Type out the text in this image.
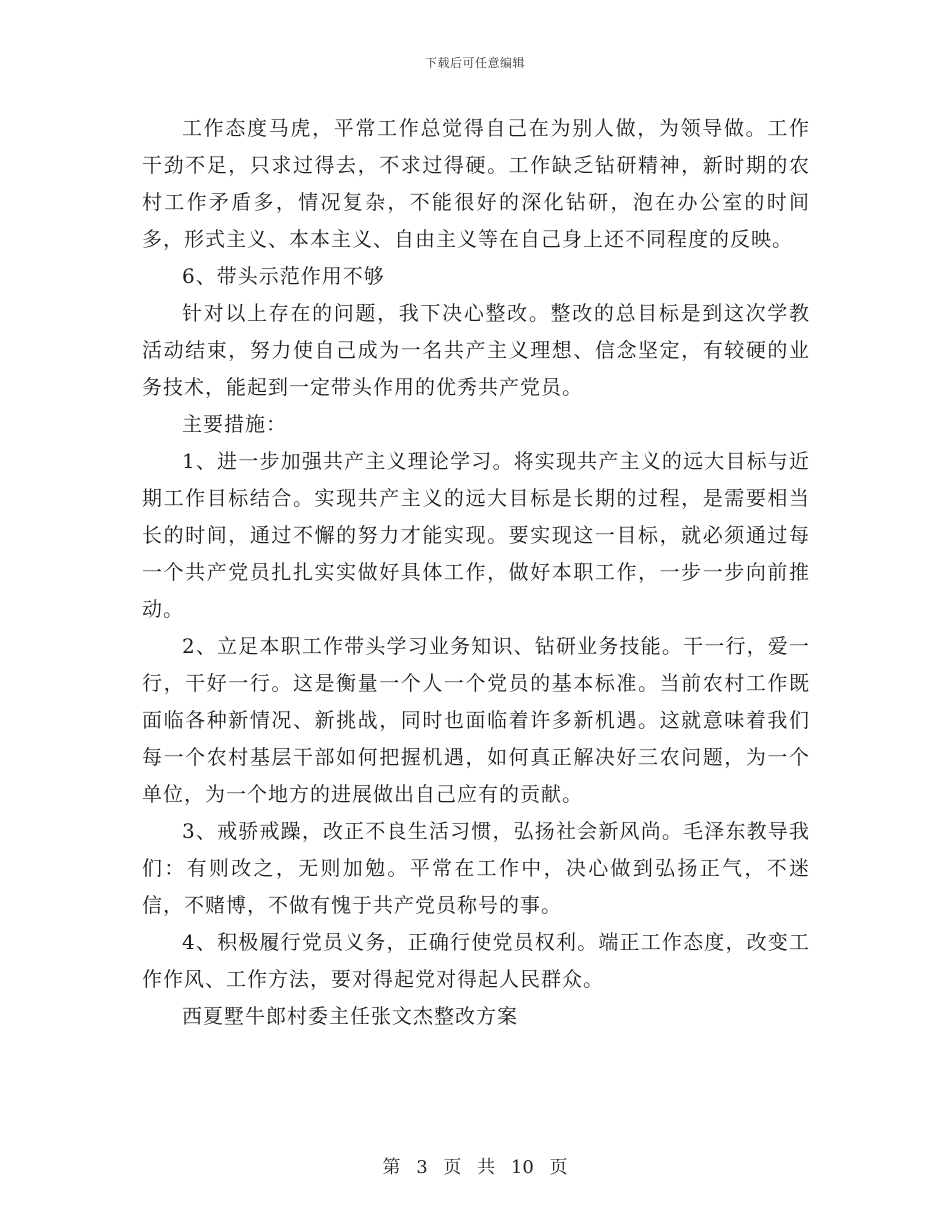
下载后可任意编辑

工作态度马虎，平常工作总觉得自己在为别人做，为领导做。工作干劲不足，只求过得去，不求过得硬。工作缺乏钻研精神，新时期的农村工作矛盾多，情况复杂，不能很好的深化钻研，泡在办公室的时间多，形式主义、本本主义、自由主义等在自己身上还不同程度的反映。

6、带头示范作用不够

针对以上存在的问题，我下决心整改。整改的总目标是到这次学教活动结束，努力使自己成为一名共产主义理想、信念坚定，有较硬的业务技术，能起到一定带头作用的优秀共产党员。

主要措施：

1、进一步加强共产主义理论学习。将实现共产主义的远大目标与近期工作目标结合。实现共产主义的远大目标是长期的过程，是需要相当长的时间，通过不懈的努力才能实现。要实现这一目标，就必须通过每一个共产党员扎扎实实做好具体工作，做好本职工作，一步一步向前推动。

2、立足本职工作带头学习业务知识、钻研业务技能。干一行，爱一行，干好一行。这是衡量一个人一个党员的基本标准。当前农村工作既面临各种新情况、新挑战，同时也面临着许多新机遇。这就意味着我们每一个农村基层干部如何把握机遇，如何真正解决好三农问题，为一个单位，为一个地方的进展做出自己应有的贡献。

3、戒骄戒躁，改正不良生活习惯，弘扬社会新风尚。毛泽东教导我们：有则改之，无则加勉。平常在工作中，决心做到弘扬正气，不迷信，不赌博，不做有愧于共产党员称号的事。

4、积极履行党员义务，正确行使党员权利。端正工作态度，改变工作作风、工作方法，要对得起党对得起人民群众。

西夏墅牛郎村委主任张文杰整改方案

第 3 页 共 10 页
